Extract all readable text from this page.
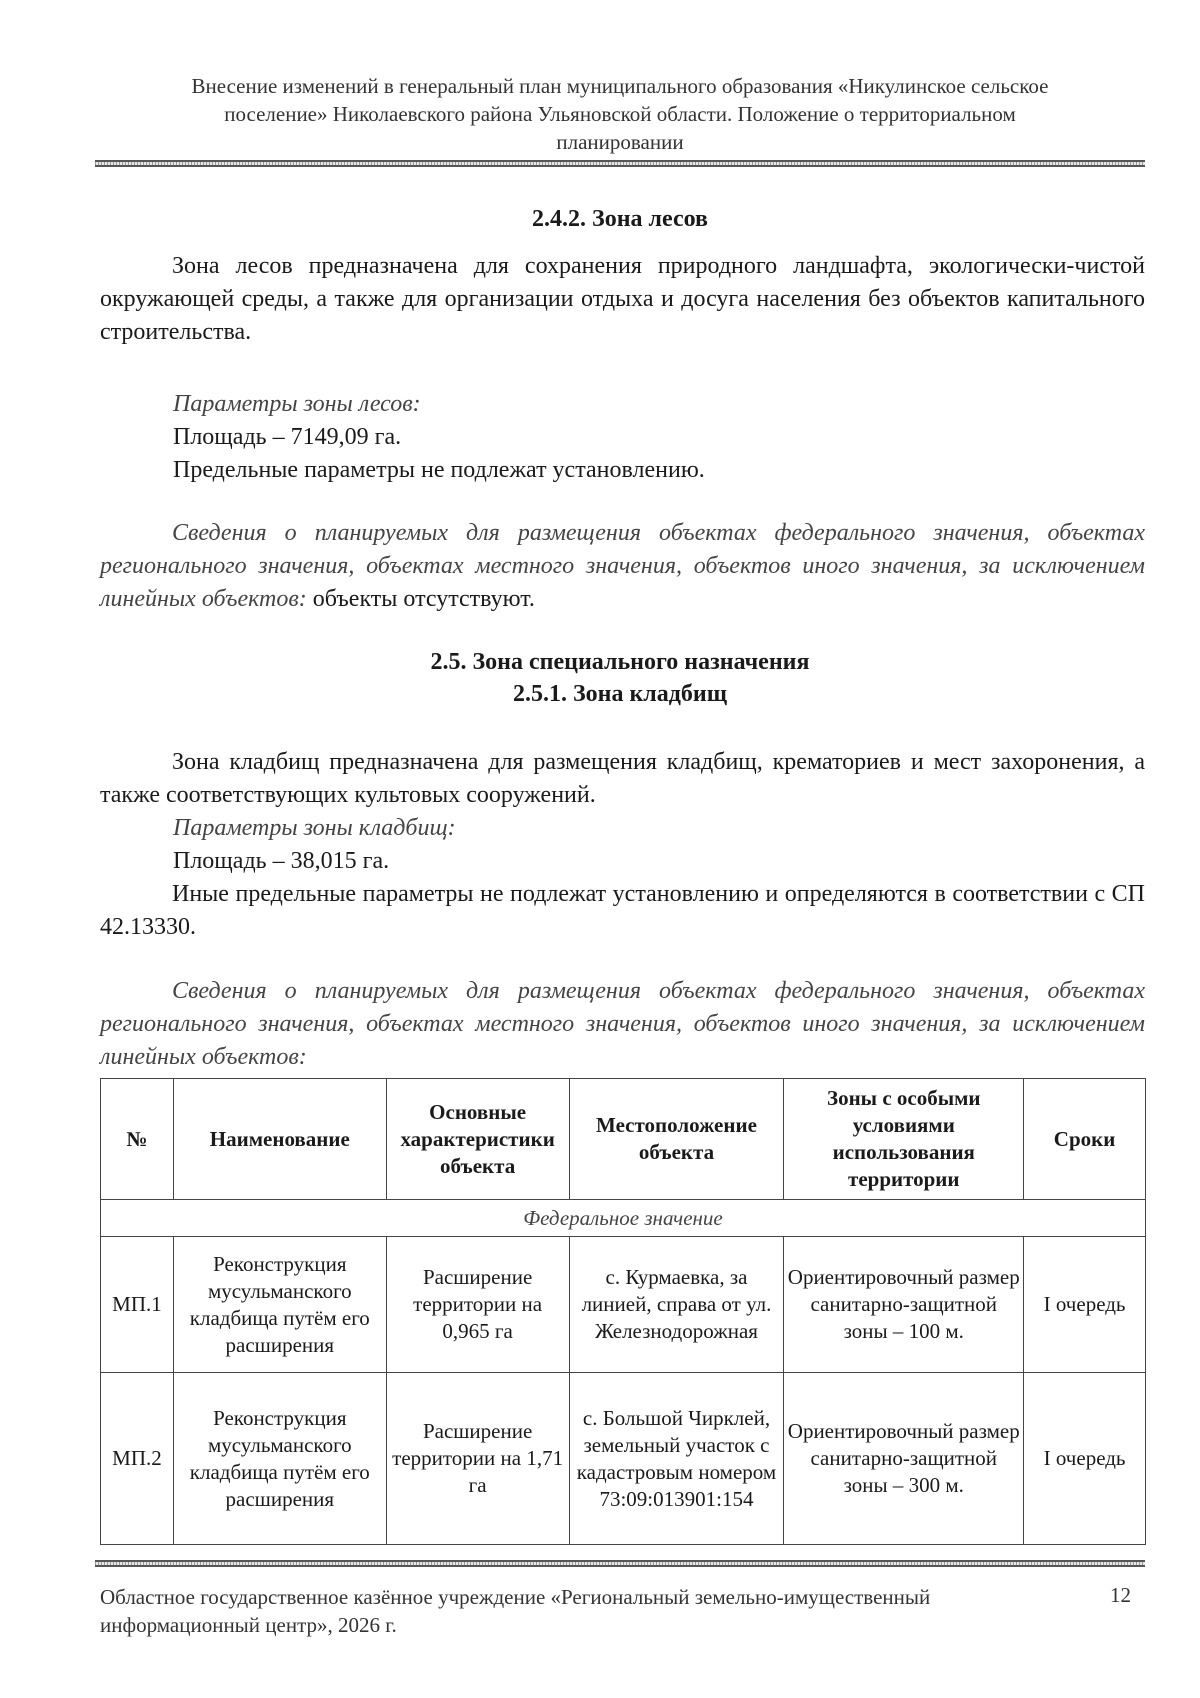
Внесение изменений в генеральный план муниципального образования «Никулинское сельское
поселение» Николаевского района Ульяновской области. Положение о территориальном
планировании
2.4.2. Зона лесов
Зона лесов предназначена для сохранения природного ландшафта, экологически-чистой окружающей среды, а также для организации отдыха и досуга населения без объектов капитального строительства.
Параметры зоны лесов:
Площадь – 7149,09 га.
Предельные параметры не подлежат установлению.
Сведения о планируемых для размещения объектах федерального значения, объектах регионального значения, объектах местного значения, объектов иного значения, за исключением линейных объектов: объекты отсутствуют.
2.5. Зона специального назначения
2.5.1. Зона кладбищ
Зона кладбищ предназначена для размещения кладбищ, крематориев и мест захоронения, а также соответствующих культовых сооружений.
Параметры зоны кладбищ:
Площадь – 38,015 га.
Иные предельные параметры не подлежат установлению и определяются в соответствии с СП 42.13330.
Сведения о планируемых для размещения объектах федерального значения, объектах регионального значения, объектах местного значения, объектов иного значения, за исключением линейных объектов:
№	Наименование	Основные характеристики объекта	Местоположение объекта	Зоны с особыми условиями использования территории	Сроки
Федеральное значение					
МП.1	Реконструкция мусульманского кладбища путём его расширения	Расширение территории на 0,965 га	с. Курмаевка, за линией, справа от ул. Железнодорожная	Ориентировочный размер санитарно-защитной зоны – 100 м.	I очередь
МП.2	Реконструкция мусульманского кладбища путём его расширения	Расширение территории на 1,71 га	с. Большой Чирклей, земельный участок с кадастровым номером 73:09:013901:154	Ориентировочный размер санитарно-защитной зоны – 300 м.	I очередь
Областное государственное казённое учреждение «Региональный земельно-имущественный
информационный центр», 2026 г.
12
